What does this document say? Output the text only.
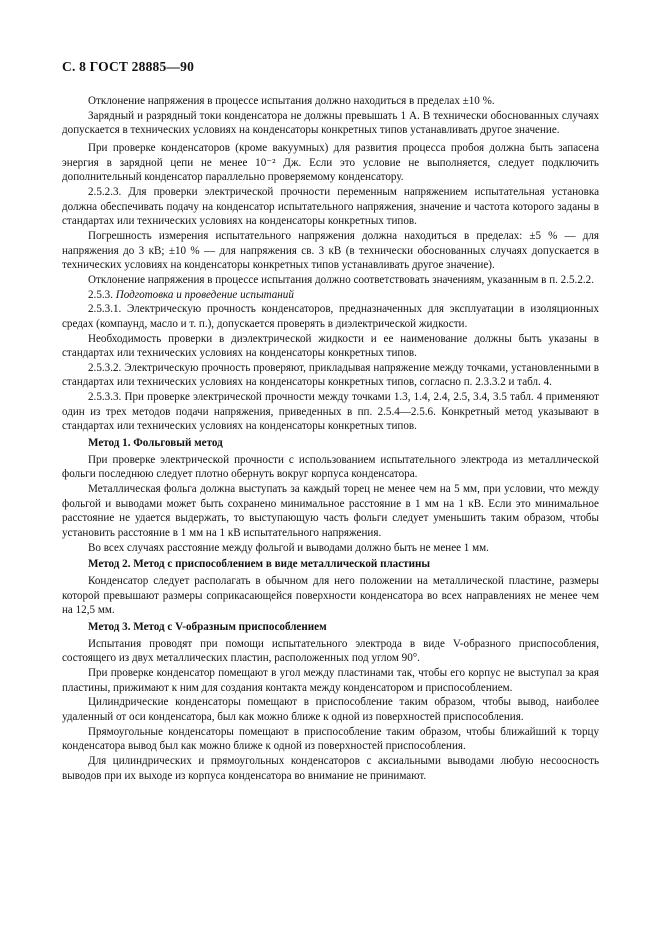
С. 8 ГОСТ 28885—90

Отклонение напряжения в процессе испытания должно находиться в пределах ±10 %.

Зарядный и разрядный токи конденсатора не должны превышать 1 А. В технически обоснованных случаях допускается в технических условиях на конденсаторы конкретных типов устанавливать другое значение.

При проверке конденсаторов (кроме вакуумных) для развития процесса пробоя должна быть запасена энергия в зарядной цепи не менее 10⁻² Дж. Если это условие не выполняется, следует подключить дополнительный конденсатор параллельно проверяемому конденсатору.

2.5.2.3. Для проверки электрической прочности переменным напряжением испытательная установка должна обеспечивать подачу на конденсатор испытательного напряжения, значение и частота которого заданы в стандартах или технических условиях на конденсаторы конкретных типов.

Погрешность измерения испытательного напряжения должна находиться в пределах: ±5 % — для напряжения до 3 кВ; ±10 % — для напряжения св. 3 кВ (в технически обоснованных случаях допускается в технических условиях на конденсаторы конкретных типов устанавливать другое значение).

Отклонение напряжения в процессе испытания должно соответствовать значениям, указанным в п. 2.5.2.2.

2.5.3. Подготовка и проведение испытаний

2.5.3.1. Электрическую прочность конденсаторов, предназначенных для эксплуатации в изоляционных средах (компаунд, масло и т. п.), допускается проверять в диэлектрической жидкости.

Необходимость проверки в диэлектрической жидкости и ее наименование должны быть указаны в стандартах или технических условиях на конденсаторы конкретных типов.

2.5.3.2. Электрическую прочность проверяют, прикладывая напряжение между точками, установленными в стандартах или технических условиях на конденсаторы конкретных типов, согласно п. 2.3.3.2 и табл. 4.

2.5.3.3. При проверке электрической прочности между точками 1.3, 1.4, 2.4, 2.5, 3.4, 3.5 табл. 4 применяют один из трех методов подачи напряжения, приведенных в пп. 2.5.4—2.5.6. Конкретный метод указывают в стандартах или технических условиях на конденсаторы конкретных типов.

Метод 1. Фольговый метод

При проверке электрической прочности с использованием испытательного электрода из металлической фольги последнюю следует плотно обернуть вокруг корпуса конденсатора.

Металлическая фольга должна выступать за каждый торец не менее чем на 5 мм, при условии, что между фольгой и выводами может быть сохранено минимальное расстояние в 1 мм на 1 кВ. Если это минимальное расстояние не удается выдержать, то выступающую часть фольги следует уменьшить таким образом, чтобы установить расстояние в 1 мм на 1 кВ испытательного напряжения.

Во всех случаях расстояние между фольгой и выводами должно быть не менее 1 мм.

Метод 2. Метод с приспособлением в виде металлической пластины

Конденсатор следует располагать в обычном для него положении на металлической пластине, размеры которой превышают размеры соприкасающейся поверхности конденсатора во всех направлениях не менее чем на 12,5 мм.

Метод 3. Метод с V-образным приспособлением

Испытания проводят при помощи испытательного электрода в виде V-образного приспособления, состоящего из двух металлических пластин, расположенных под углом 90°.

При проверке конденсатор помещают в угол между пластинами так, чтобы его корпус не выступал за края пластины, прижимают к ним для создания контакта между конденсатором и приспособлением.

Цилиндрические конденсаторы помещают в приспособление таким образом, чтобы вывод, наиболее удаленный от оси конденсатора, был как можно ближе к одной из поверхностей приспособления.

Прямоугольные конденсаторы помещают в приспособление таким образом, чтобы ближайший к торцу конденсатора вывод был как можно ближе к одной из поверхностей приспособления.

Для цилиндрических и прямоугольных конденсаторов с аксиальными выводами любую несоосность выводов при их выходе из корпуса конденсатора во внимание не принимают.
